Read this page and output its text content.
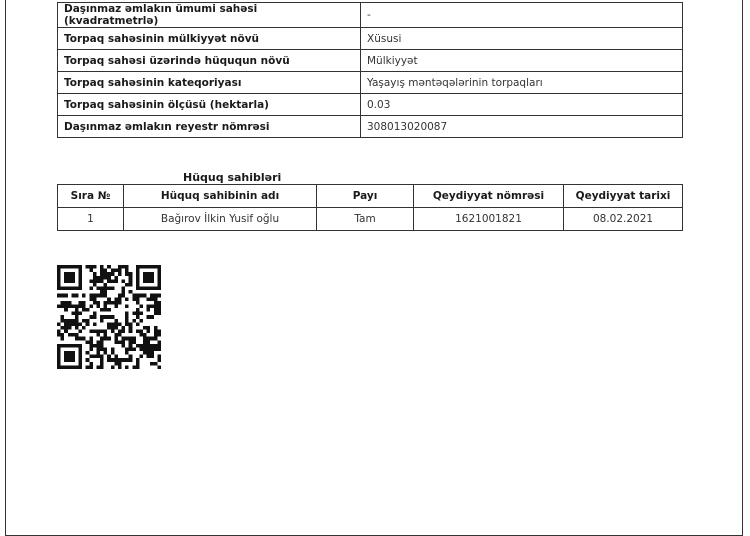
Daşınmaz əmlakın ümumi sahəsi (kvadratmetrlə)	-
Torpaq sahəsinin mülkiyyət növü	Xüsusi
Torpaq sahəsi üzərində hüququn növü	Mülkiyyət
Torpaq sahəsinin kateqoriyası	Yaşayış məntəqələrinin torpaqları
Torpaq sahəsinin ölçüsü (hektarla)	0.03
Daşınmaz əmlakın reyestr nömrəsi	308013020087
Hüquq sahibləri
Sıra №	Hüquq sahibinin adı	Payı	Qeydiyyat nömrəsi	Qeydiyyat tarixi
1	Bağırov İlkin Yusif oğlu	Tam	1621001821	08.02.2021
